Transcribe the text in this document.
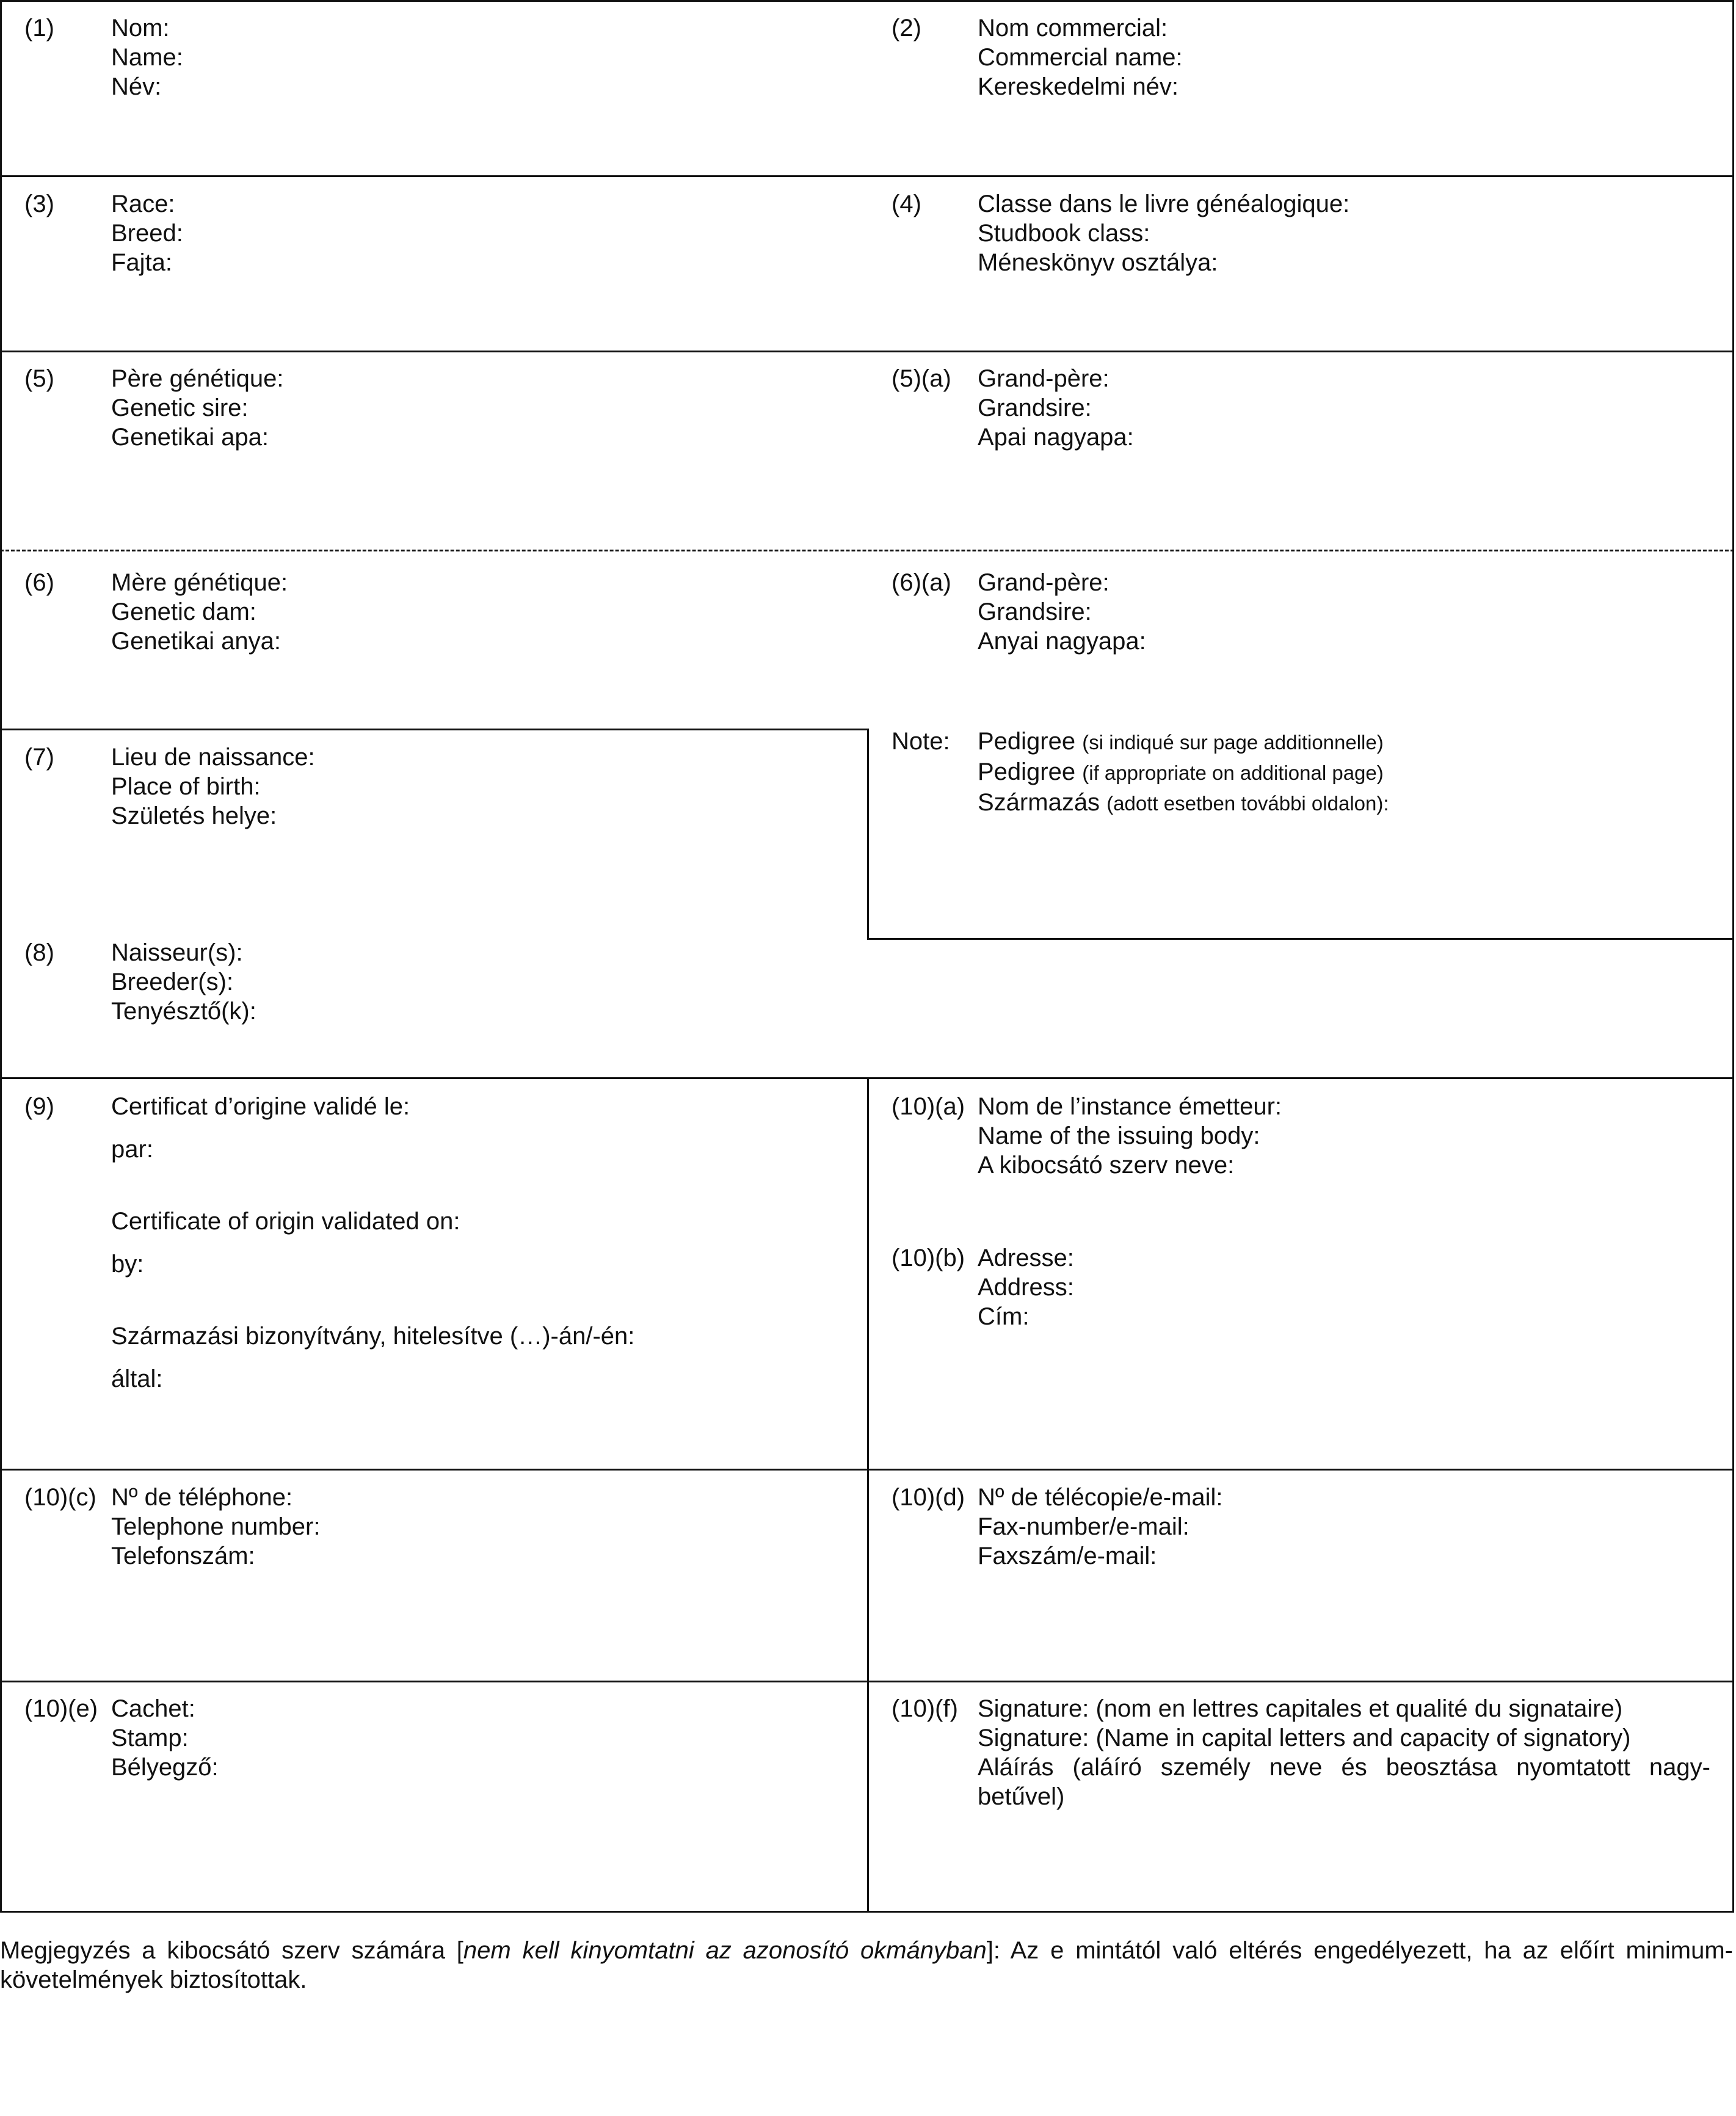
(1) Nom:
Name:
Név:
(2) Nom commercial:
Commercial name:
Kereskedelmi név:
(3) Race:
Breed:
Fajta:
(4) Classe dans le livre généalogique:
Studbook class:
Méneskönyv osztálya:
(5) Père génétique:
Genetic sire:
Genetikai apa:
(5)(a) Grand-père:
Grandsire:
Apai nagyapa:
(6) Mère génétique:
Genetic dam:
Genetikai anya:
(6)(a) Grand-père:
Grandsire:
Anyai nagyapa:
(7) Lieu de naissance:
Place of birth:
Születés helye:
Note: Pedigree (si indiqué sur page additionnelle)
Pedigree (if appropriate on additional page)
Származás (adott esetben további oldalon):
(8) Naisseur(s):
Breeder(s):
Tenyésztő(k):
(9) Certificat d’origine validé le:
par:
Certificate of origin validated on:
by:
Származási bizonyítvány, hitelesítve (…)-án/-én:
által:
(10)(a) Nom de l’instance émetteur:
Name of the issuing body:
A kibocsátó szerv neve:
(10)(b) Adresse:
Address:
Cím:
(10)(c) Nº de téléphone:
Telephone number:
Telefonszám:
(10)(d) Nº de télécopie/e-mail:
Fax-number/e-mail:
Faxszám/e-mail:
(10)(e) Cachet:
Stamp:
Bélyegző:
(10)(f) Signature: (nom en lettres capitales et qualité du signataire)
Signature: (Name in capital letters and capacity of signatory)
Aláírás (aláíró személy neve és beosztása nyomtatott nagy-betűvel)
Megjegyzés a kibocsátó szerv számára [nem kell kinyomtatni az azonosító okmányban]: Az e mintától való eltérés engedélyezett, ha az előírt minimum-követelmények biztosítottak.
